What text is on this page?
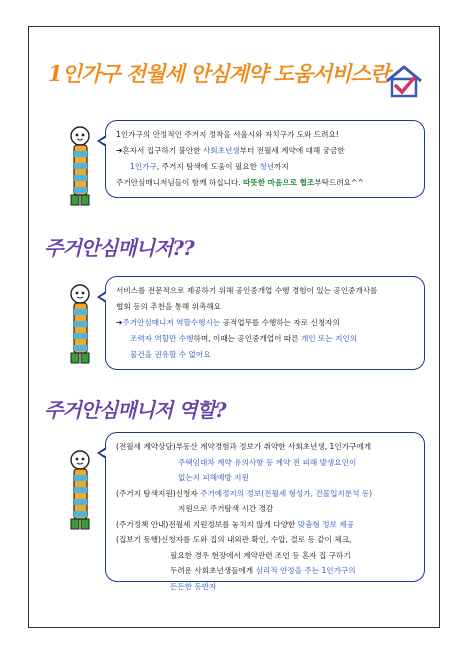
1인가구 전월세 안심계약 도움서비스란
1인가구의 안정적인 주거지 정착을 서울시와 자치구가 도와 드려요!
➔혼자서 집구하기 불안한 사회초년생부터 전월세 계약에 대해 궁금한
1인가구, 주거지 탐색에 도움이 필요한 청년까지
주거안심매니저님들이 함께 하십니다. 따뜻한 마음으로 협조부탁드려요^^
주거안심매니저??
서비스를 전문적으로 제공하기 위해 공인중개업 수행 경험이 있는 공인중개사를
협회 등의 추천을 통해 위촉해요
➔주거안심매니저 역할수행시는 공적업무를 수행하는 자로 신청자의
조력자 역할만 수행하며, 이때는 공인중개업이 따른 개인 또는 지인의
물건을 권유할 수 없어요
주거안심매니저 역할?
(전월세 계약상담)부동산 계약경험과 정보가 취약한 사회초년생, 1인가구에게
주택임대차 계약 유의사항 등 계약 전 피해 발생요인이
없는지 피해예방 지원
(주거지 탐색지원)신청자 주거예정지의 정보(전월세 형성가, 건물입지분석 등)
지원으로 주거탐색 시간 경감
(주거정책 안내)전월세 지원정보를 놓치지 않게 다양한 맞춤형 정보 제공
(집보기 동행)신청자를 도와 집의 내외관 확인, 수압, 결로 등 같이 체크,
필요한 경우 현장에서 계약관련 조언 등 혼자 집 구하기
두려운 사회초년생들에게 심리적 안정을 주는 1인가구의
든든한 동반자
